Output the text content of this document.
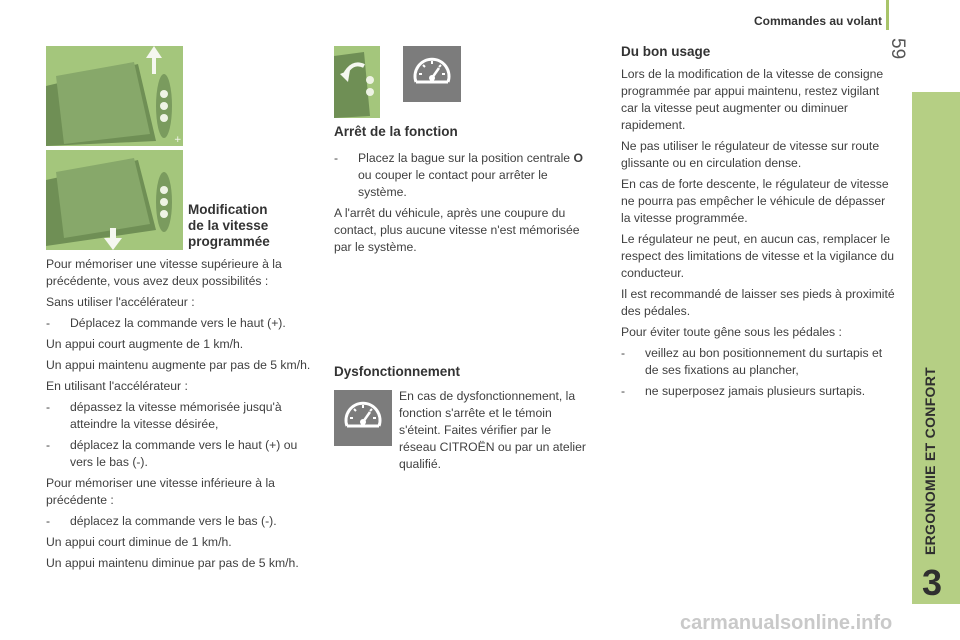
Commandes au volant
59
ERGONOMIE ET CONFORT
3
carmanualsonline.info
+
Modification
de la vitesse
programmée

Pour mémoriser une vitesse supérieure à la précédente, vous avez deux possibilités :

Sans utiliser l'accélérateur :

-	Déplacez la commande vers le haut (+).

Un appui court augmente de 1 km/h.

Un appui maintenu augmente par pas de 5 km/h.

En utilisant l'accélérateur :

-	dépassez la vitesse mémorisée jusqu'à atteindre la vitesse désirée,

-	déplacez la commande vers le haut (+) ou vers le bas (-).

Pour mémoriser une vitesse inférieure à la précédente :

-	déplacez la commande vers le bas (-).

Un appui court diminue de 1 km/h.

Un appui maintenu diminue par pas de 5 km/h.

Arrêt de la fonction

-	Placez la bague sur la position centrale O ou couper le contact pour arrêter le système.

A l'arrêt du véhicule, après une coupure du contact, plus aucune vitesse n'est mémorisée par le système.

Dysfonctionnement

En cas de dysfonctionnement, la fonction s'arrête et le témoin s'éteint. Faites vérifier par le réseau CITROËN ou par un atelier qualifié.

Du bon usage

Lors de la modification de la vitesse de consigne programmée par appui maintenu, restez vigilant car la vitesse peut augmenter ou diminuer rapidement.

Ne pas utiliser le régulateur de vitesse sur route glissante ou en circulation dense.

En cas de forte descente, le régulateur de vitesse ne pourra pas empêcher le véhicule de dépasser la vitesse programmée.

Le régulateur ne peut, en aucun cas, remplacer le respect des limitations de vitesse et la vigilance du conducteur.

Il est recommandé de laisser ses pieds à proximité des pédales.

Pour éviter toute gêne sous les pédales :

-	veillez au bon positionnement du surtapis et de ses fixations au plancher,

-	ne superposez jamais plusieurs surtapis.
